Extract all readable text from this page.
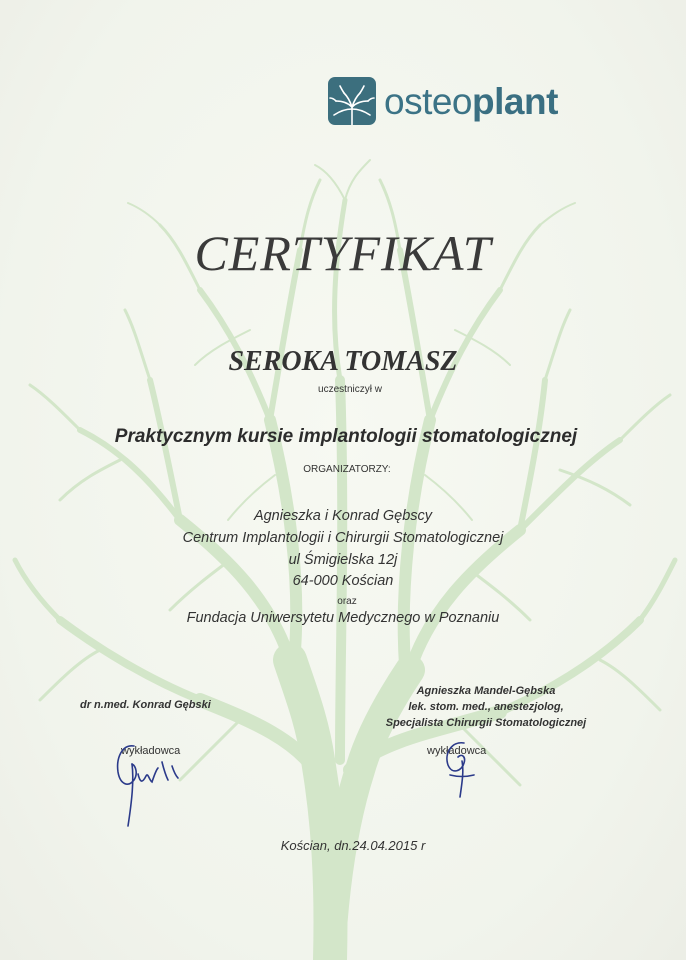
osteoplant
CERTYFIKAT
SEROKA TOMASZ
uczestniczył w
Praktycznym kursie implantologii stomatologicznej
ORGANIZATORZY:
Agnieszka i Konrad Gębscy
Centrum Implantologii i Chirurgii Stomatologicznej
ul Śmigielska 12j
64-000 Kościan
oraz
Fundacja Uniwersytetu Medycznego w Poznaniu
dr n.med. Konrad Gębski
wykładowca
Agnieszka Mandel-Gębska
lek. stom. med., anestezjolog,
Specjalista Chirurgii Stomatologicznej
wykładowca
Kościan, dn.24.04.2015 r
